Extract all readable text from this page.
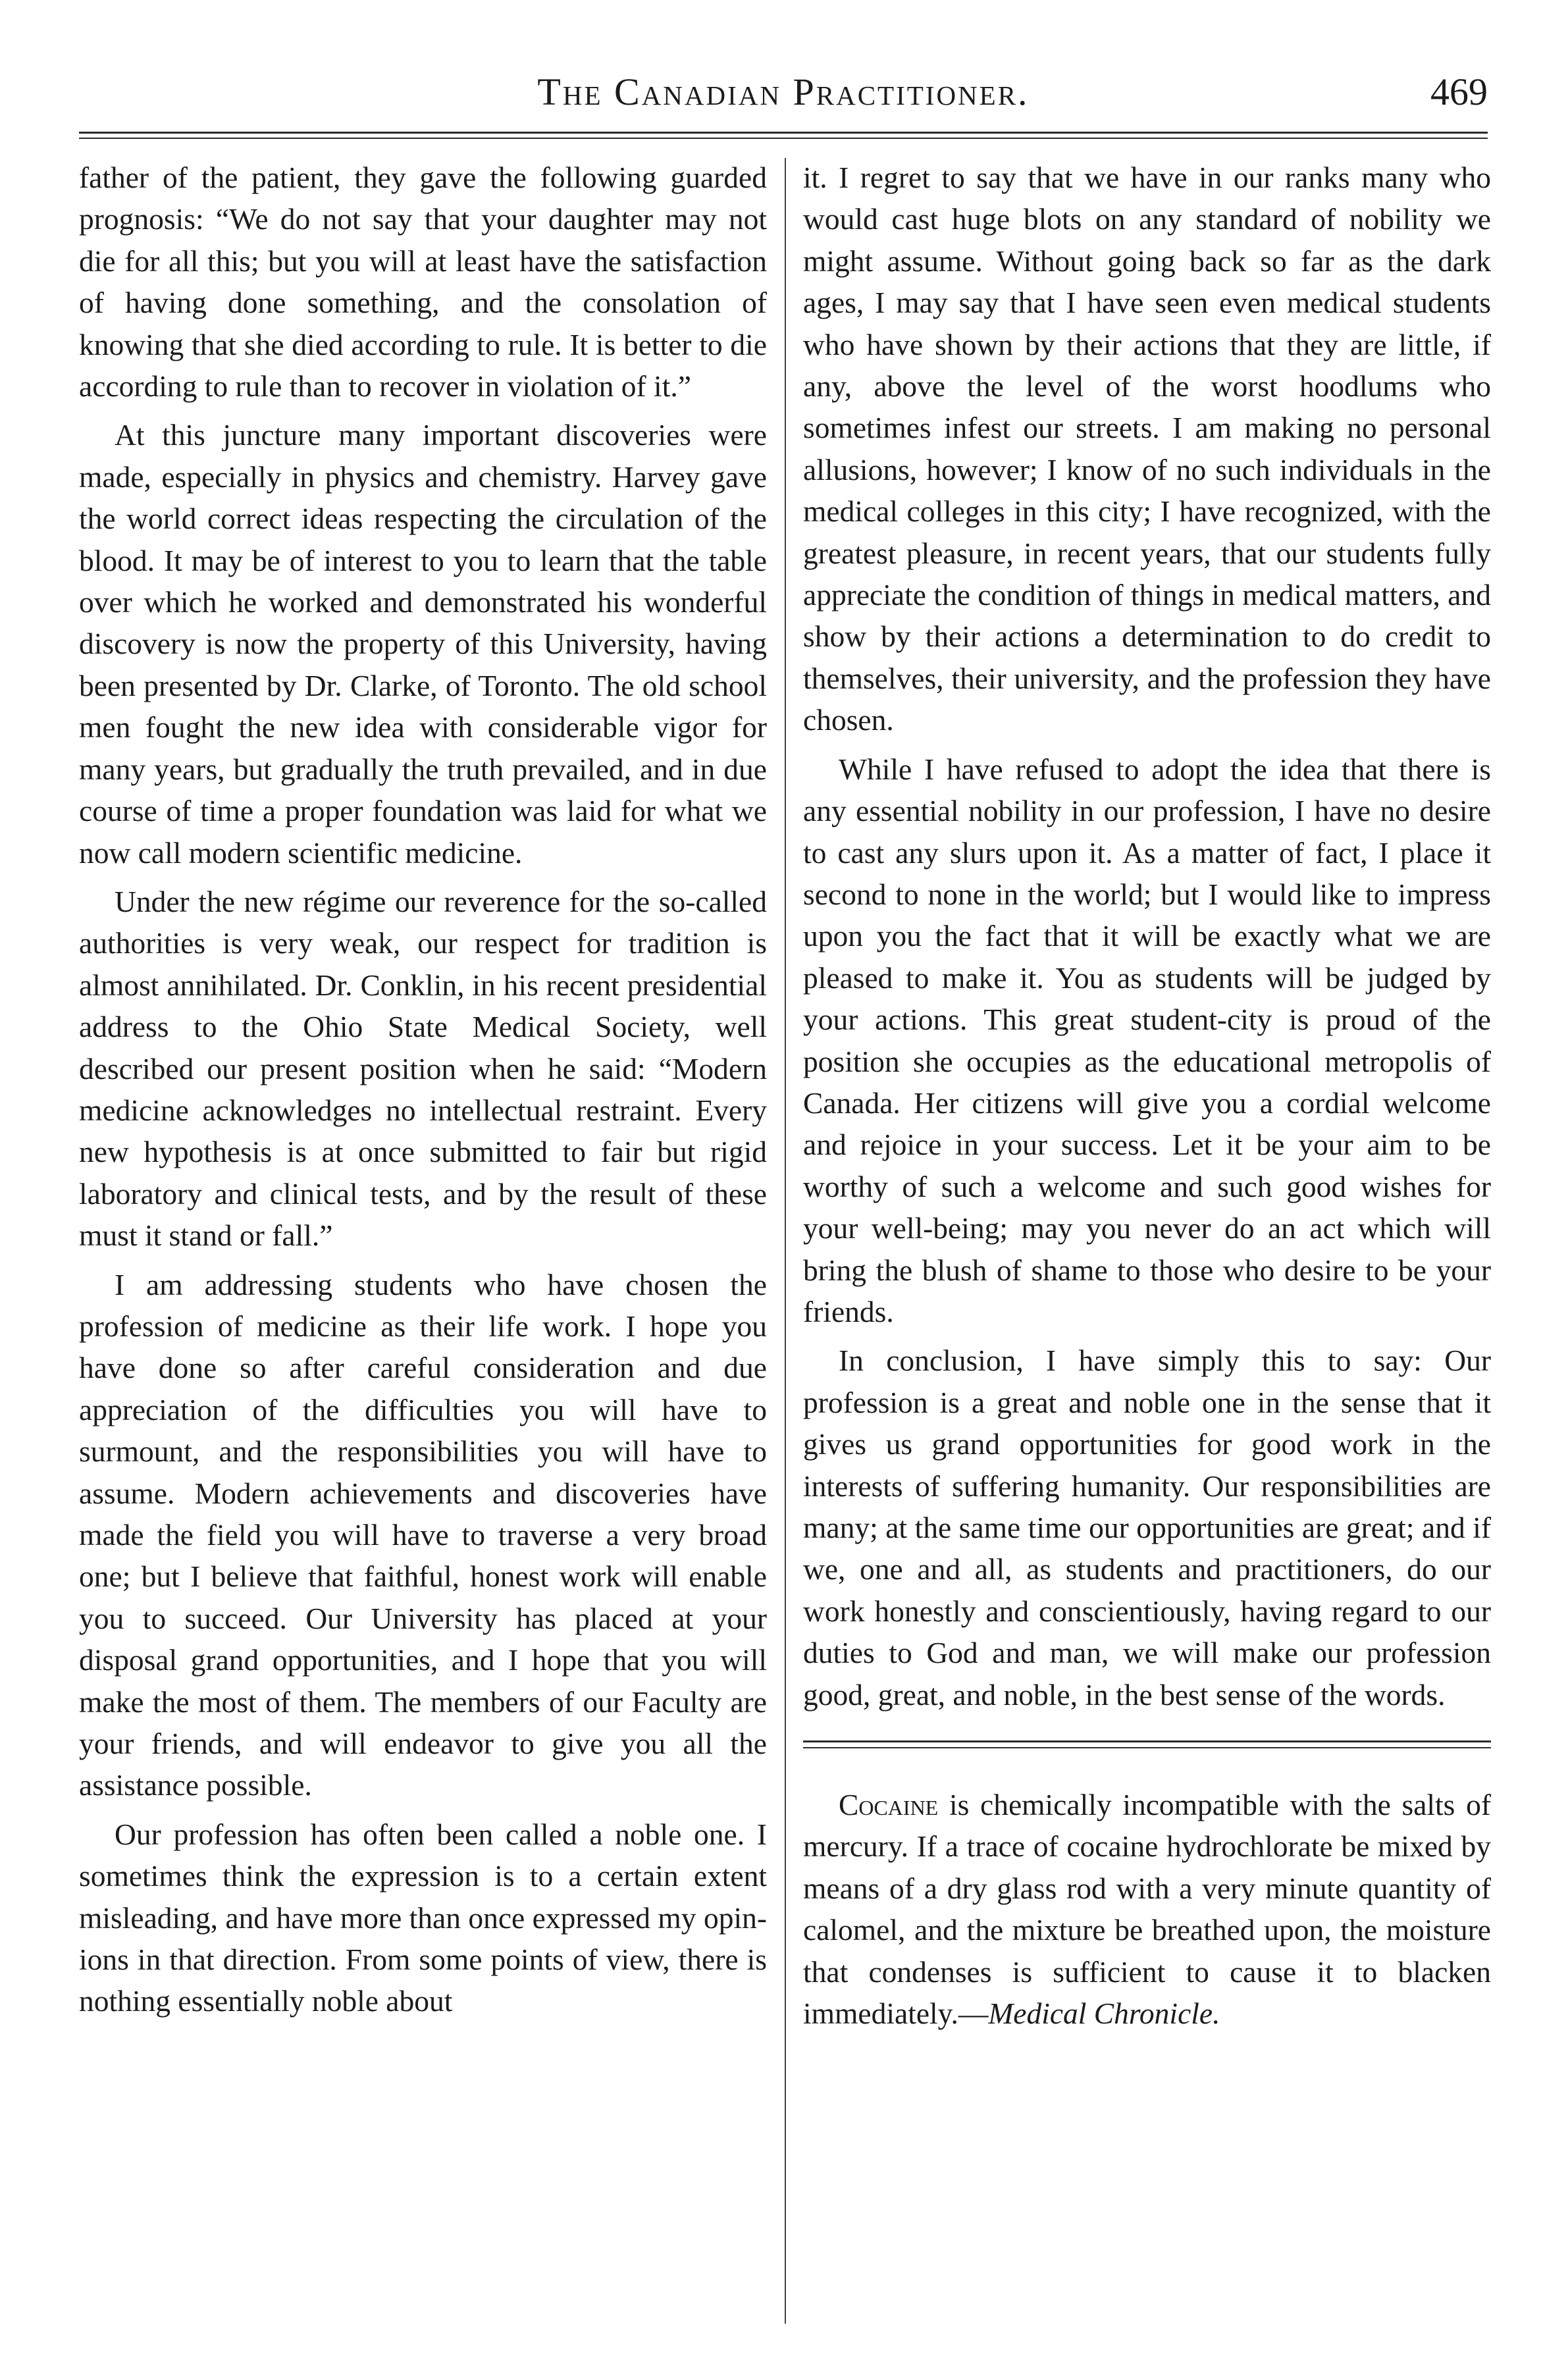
The Canadian Practitioner.	469

father of the patient, they gave the following guarded prognosis: “We do not say that your daughter may not die for all this; but you will at least have the satisfaction of having done something, and the consolation of knowing that she died according to rule. It is better to die according to rule than to recover in violation of it.”

At this juncture many important discoveries were made, especially in physics and chemistry. Harvey gave the world correct ideas respecting the circulation of the blood. It may be of interest to you to learn that the table over which he worked and demonstrated his wonderful discovery is now the property of this University, having been presented by Dr. Clarke, of Toronto. The old school men fought the new idea with considerable vigor for many years, but gradually the truth prevailed, and in due course of time a proper foundation was laid for what we now call modern scientific medicine.

Under the new régime our reverence for the so-called authorities is very weak, our respect for tradition is almost annihilated. Dr. Conklin, in his recent presidential address to the Ohio State Medical Society, well described our present position when he said: “Modern medicine acknowledges no intellectual restraint. Every new hypothesis is at once submitted to fair but rigid laboratory and clinical tests, and by the result of these must it stand or fall.”

I am addressing students who have chosen the profession of medicine as their life work. I hope you have done so after careful consideration and due appreciation of the difficulties you will have to surmount, and the responsibilities you will have to assume. Modern achievements and discoveries have made the field you will have to traverse a very broad one; but I believe that faithful, honest work will enable you to succeed. Our University has placed at your disposal grand opportunities, and I hope that you will make the most of them. The members of our Faculty are your friends, and will endeavor to give you all the assistance possible.

Our profession has often been called a noble one. I sometimes think the expression is to a certain extent misleading, and have more than once expressed my opinions in that direction. From some points of view, there is nothing essentially noble about

it. I regret to say that we have in our ranks many who would cast huge blots on any standard of nobility we might assume. Without going back so far as the dark ages, I may say that I have seen even medical students who have shown by their actions that they are little, if any, above the level of the worst hoodlums who sometimes infest our streets. I am making no personal allusions, however; I know of no such individuals in the medical colleges in this city; I have recognized, with the greatest pleasure, in recent years, that our students fully appreciate the condition of things in medical matters, and show by their actions a determination to do credit to themselves, their university, and the profession they have chosen.

While I have refused to adopt the idea that there is any essential nobility in our profession, I have no desire to cast any slurs upon it. As a matter of fact, I place it second to none in the world; but I would like to impress upon you the fact that it will be exactly what we are pleased to make it. You as students will be judged by your actions. This great student-city is proud of the position she occupies as the educational metropolis of Canada. Her citizens will give you a cordial welcome and rejoice in your success. Let it be your aim to be worthy of such a welcome and such good wishes for your well-being; may you never do an act which will bring the blush of shame to those who desire to be your friends.

In conclusion, I have simply this to say: Our profession is a great and noble one in the sense that it gives us grand opportunities for good work in the interests of suffering humanity. Our responsibilities are many; at the same time our opportunities are great; and if we, one and all, as students and practitioners, do our work honestly and conscientiously, having regard to our duties to God and man, we will make our profession good, great, and noble, in the best sense of the words.

Cocaine is chemically incompatible with the salts of mercury. If a trace of cocaine hydrochlorate be mixed by means of a dry glass rod with a very minute quantity of calomel, and the mixture be breathed upon, the moisture that condenses is sufficient to cause it to blacken immediately.—Medical Chronicle.
